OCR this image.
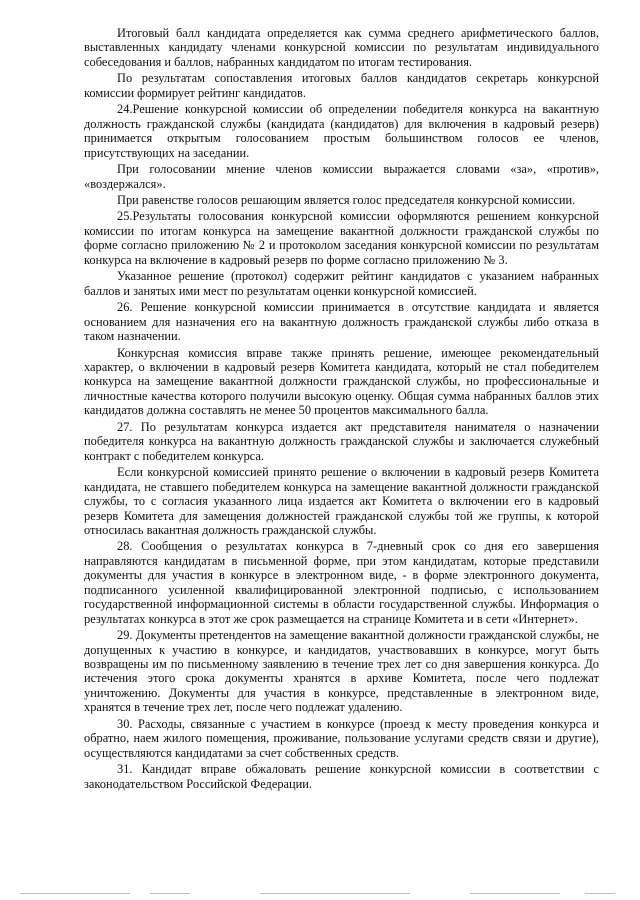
Итоговый балл кандидата определяется как сумма среднего арифметического баллов, выставленных кандидату членами конкурсной комиссии по результатам индивидуального собеседования и баллов, набранных кандидатом по итогам тестирования.

По результатам сопоставления итоговых баллов кандидатов секретарь конкурсной комиссии формирует рейтинг кандидатов.

24.Решение конкурсной комиссии об определении победителя конкурса на вакантную должность гражданской службы (кандидата (кандидатов) для включения в кадровый резерв) принимается открытым голосованием простым большинством голосов ее членов, присутствующих на заседании.

При голосовании мнение членов комиссии выражается словами «за», «против», «воздержался».

При равенстве голосов решающим является голос председателя конкурсной комиссии.

25.Результаты голосования конкурсной комиссии оформляются решением конкурсной комиссии по итогам конкурса на замещение вакантной должности гражданской службы по форме согласно приложению № 2 и протоколом заседания конкурсной комиссии по результатам конкурса на включение в кадровый резерв по форме согласно приложению № 3.

Указанное решение (протокол) содержит рейтинг кандидатов с указанием набранных баллов и занятых ими мест по результатам оценки конкурсной комиссией.

26. Решение конкурсной комиссии принимается в отсутствие кандидата и является основанием для назначения его на вакантную должность гражданской службы либо отказа в таком назначении.

Конкурсная комиссия вправе также принять решение, имеющее рекомендательный характер, о включении в кадровый резерв Комитета кандидата, который не стал победителем конкурса на замещение вакантной должности гражданской службы, но профессиональные и личностные качества которого получили высокую оценку. Общая сумма набранных баллов этих кандидатов должна составлять не менее 50 процентов максимального балла.

27. По результатам конкурса издается акт представителя нанимателя о назначении победителя конкурса на вакантную должность гражданской службы и заключается служебный контракт с победителем конкурса.

Если конкурсной комиссией принято решение о включении в кадровый резерв Комитета кандидата, не ставшего победителем конкурса на замещение вакантной должности гражданской службы, то с согласия указанного лица издается акт Комитета о включении его в кадровый резерв Комитета для замещения должностей гражданской службы той же группы, к которой относилась вакантная должность гражданской службы.

28. Сообщения о результатах конкурса в 7-дневный срок со дня его завершения направляются кандидатам в письменной форме, при этом кандидатам, которые представили документы для участия в конкурсе в электронном виде, - в форме электронного документа, подписанного усиленной квалифицированной электронной подписью, с использованием государственной информационной системы в области государственной службы. Информация о результатах конкурса в этот же срок размещается на странице Комитета и в сети «Интернет».

29. Документы претендентов на замещение вакантной должности гражданской службы, не допущенных к участию в конкурсе, и кандидатов, участвовавших в конкурсе, могут быть возвращены им по письменному заявлению в течение трех лет со дня завершения конкурса. До истечения этого срока документы хранятся в архиве Комитета, после чего подлежат уничтожению. Документы для участия в конкурсе, представленные в электронном виде, хранятся в течение трех лет, после чего подлежат удалению.

30. Расходы, связанные с участием в конкурсе (проезд к месту проведения конкурса и обратно, наем жилого помещения, проживание, пользование услугами средств связи и другие), осуществляются кандидатами за счет собственных средств.

31. Кандидат вправе обжаловать решение конкурсной комиссии в соответствии с законодательством Российской Федерации.
